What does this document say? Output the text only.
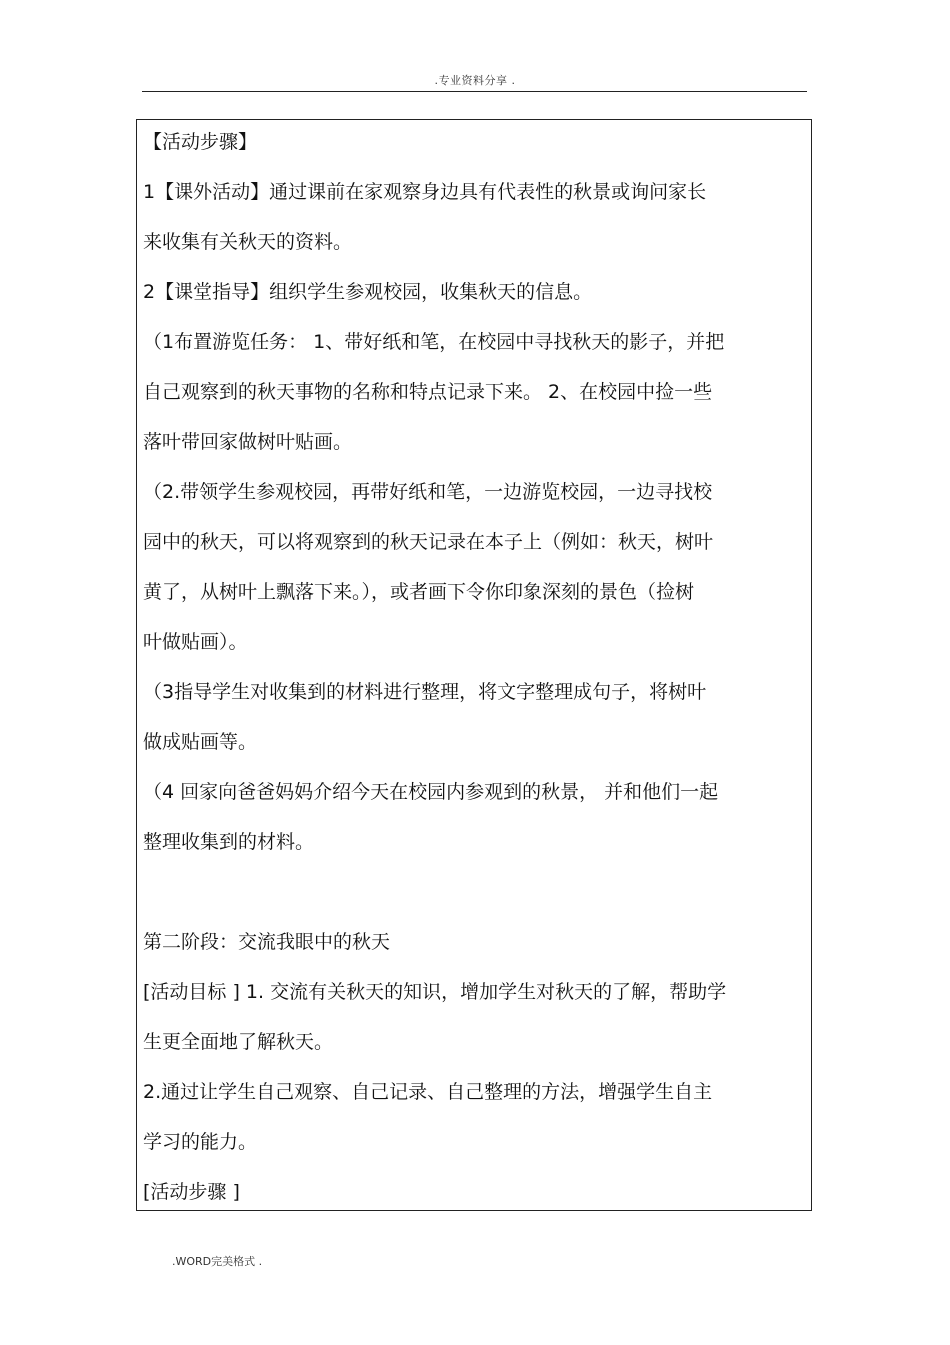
.专业资料分享 .
【活动步骤】
1【课外活动】通过课前在家观察身边具有代表性的秋景或询问家长
来收集有关秋天的资料。
2【课堂指导】组织学生参观校园，收集秋天的信息。
（1布置游览任务： 1、带好纸和笔，在校园中寻找秋天的影子，并把
自己观察到的秋天事物的名称和特点记录下来。 2、在校园中捡一些
落叶带回家做树叶贴画。
（2.带领学生参观校园，再带好纸和笔，一边游览校园，一边寻找校
园中的秋天，可以将观察到的秋天记录在本子上（例如：秋天，树叶
黄了，从树叶上飘落下来。），或者画下令你印象深刻的景色（捡树
叶做贴画）。
（3指导学生对收集到的材料进行整理，将文字整理成句子，将树叶
做成贴画等。
（4 回家向爸爸妈妈介绍今天在校园内参观到的秋景， 并和他们一起
整理收集到的材料。
第二阶段：交流我眼中的秋天
[活动目标 ] 1. 交流有关秋天的知识，增加学生对秋天的了解，帮助学
生更全面地了解秋天。
2.通过让学生自己观察、自己记录、自己整理的方法，增强学生自主
学习的能力。
[活动步骤 ]
.WORD完美格式 .
